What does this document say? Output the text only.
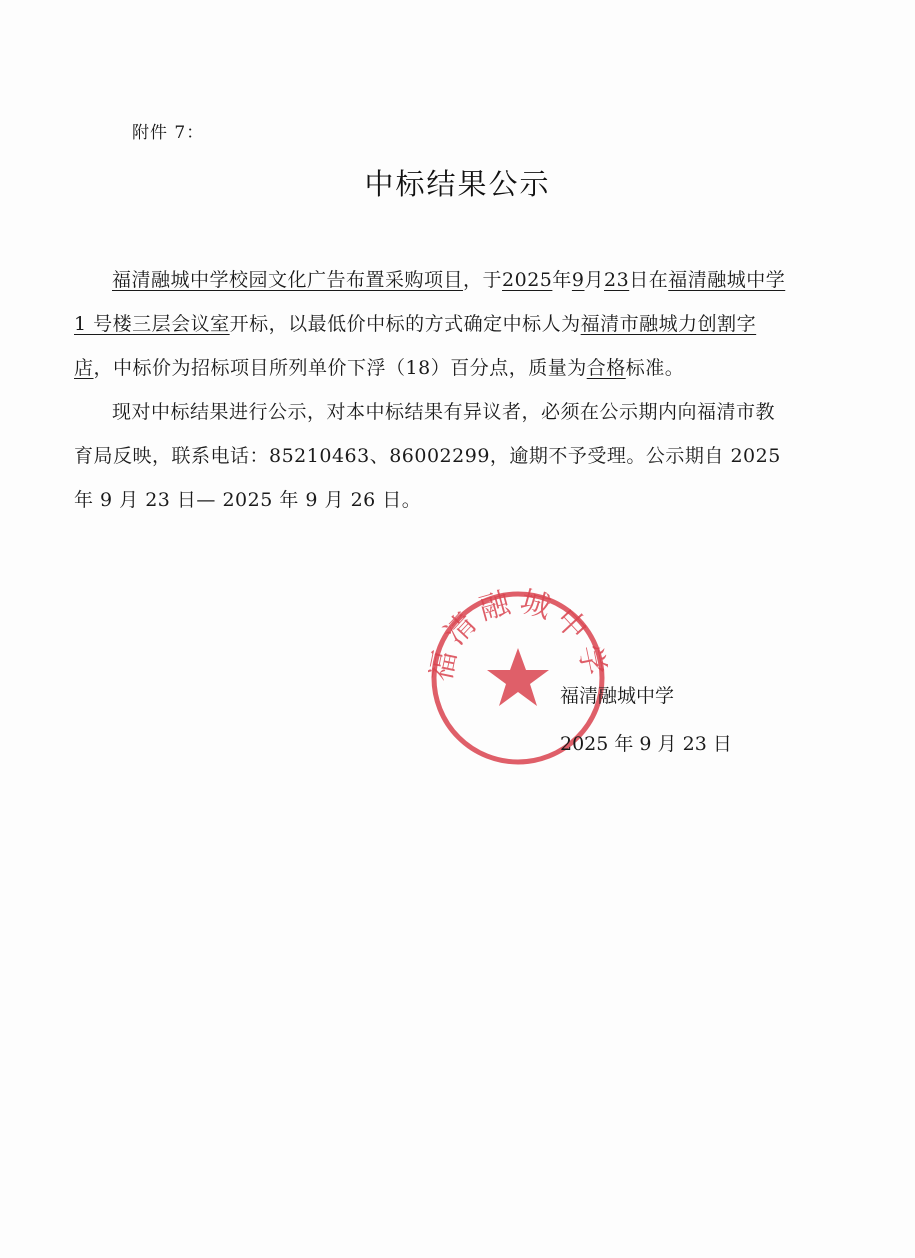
附件 7：
中标结果公示

福清融城中学校园文化广告布置采购项目，于2025年9月23日在福清融城中学 1 号楼三层会议室开标，以最低价中标的方式确定中标人为福清市融城力创割字店，中标价为招标项目所列单价下浮（18）百分点，质量为合格标准。

现对中标结果进行公示，对本中标结果有异议者，必须在公示期内向福清市教育局反映，联系电话：85210463、86002299，逾期不予受理。公示期自 2025 年 9 月 23 日— 2025 年 9 月 26 日。

清融城中
福清融城中学
2025 年 9 月 23 日
